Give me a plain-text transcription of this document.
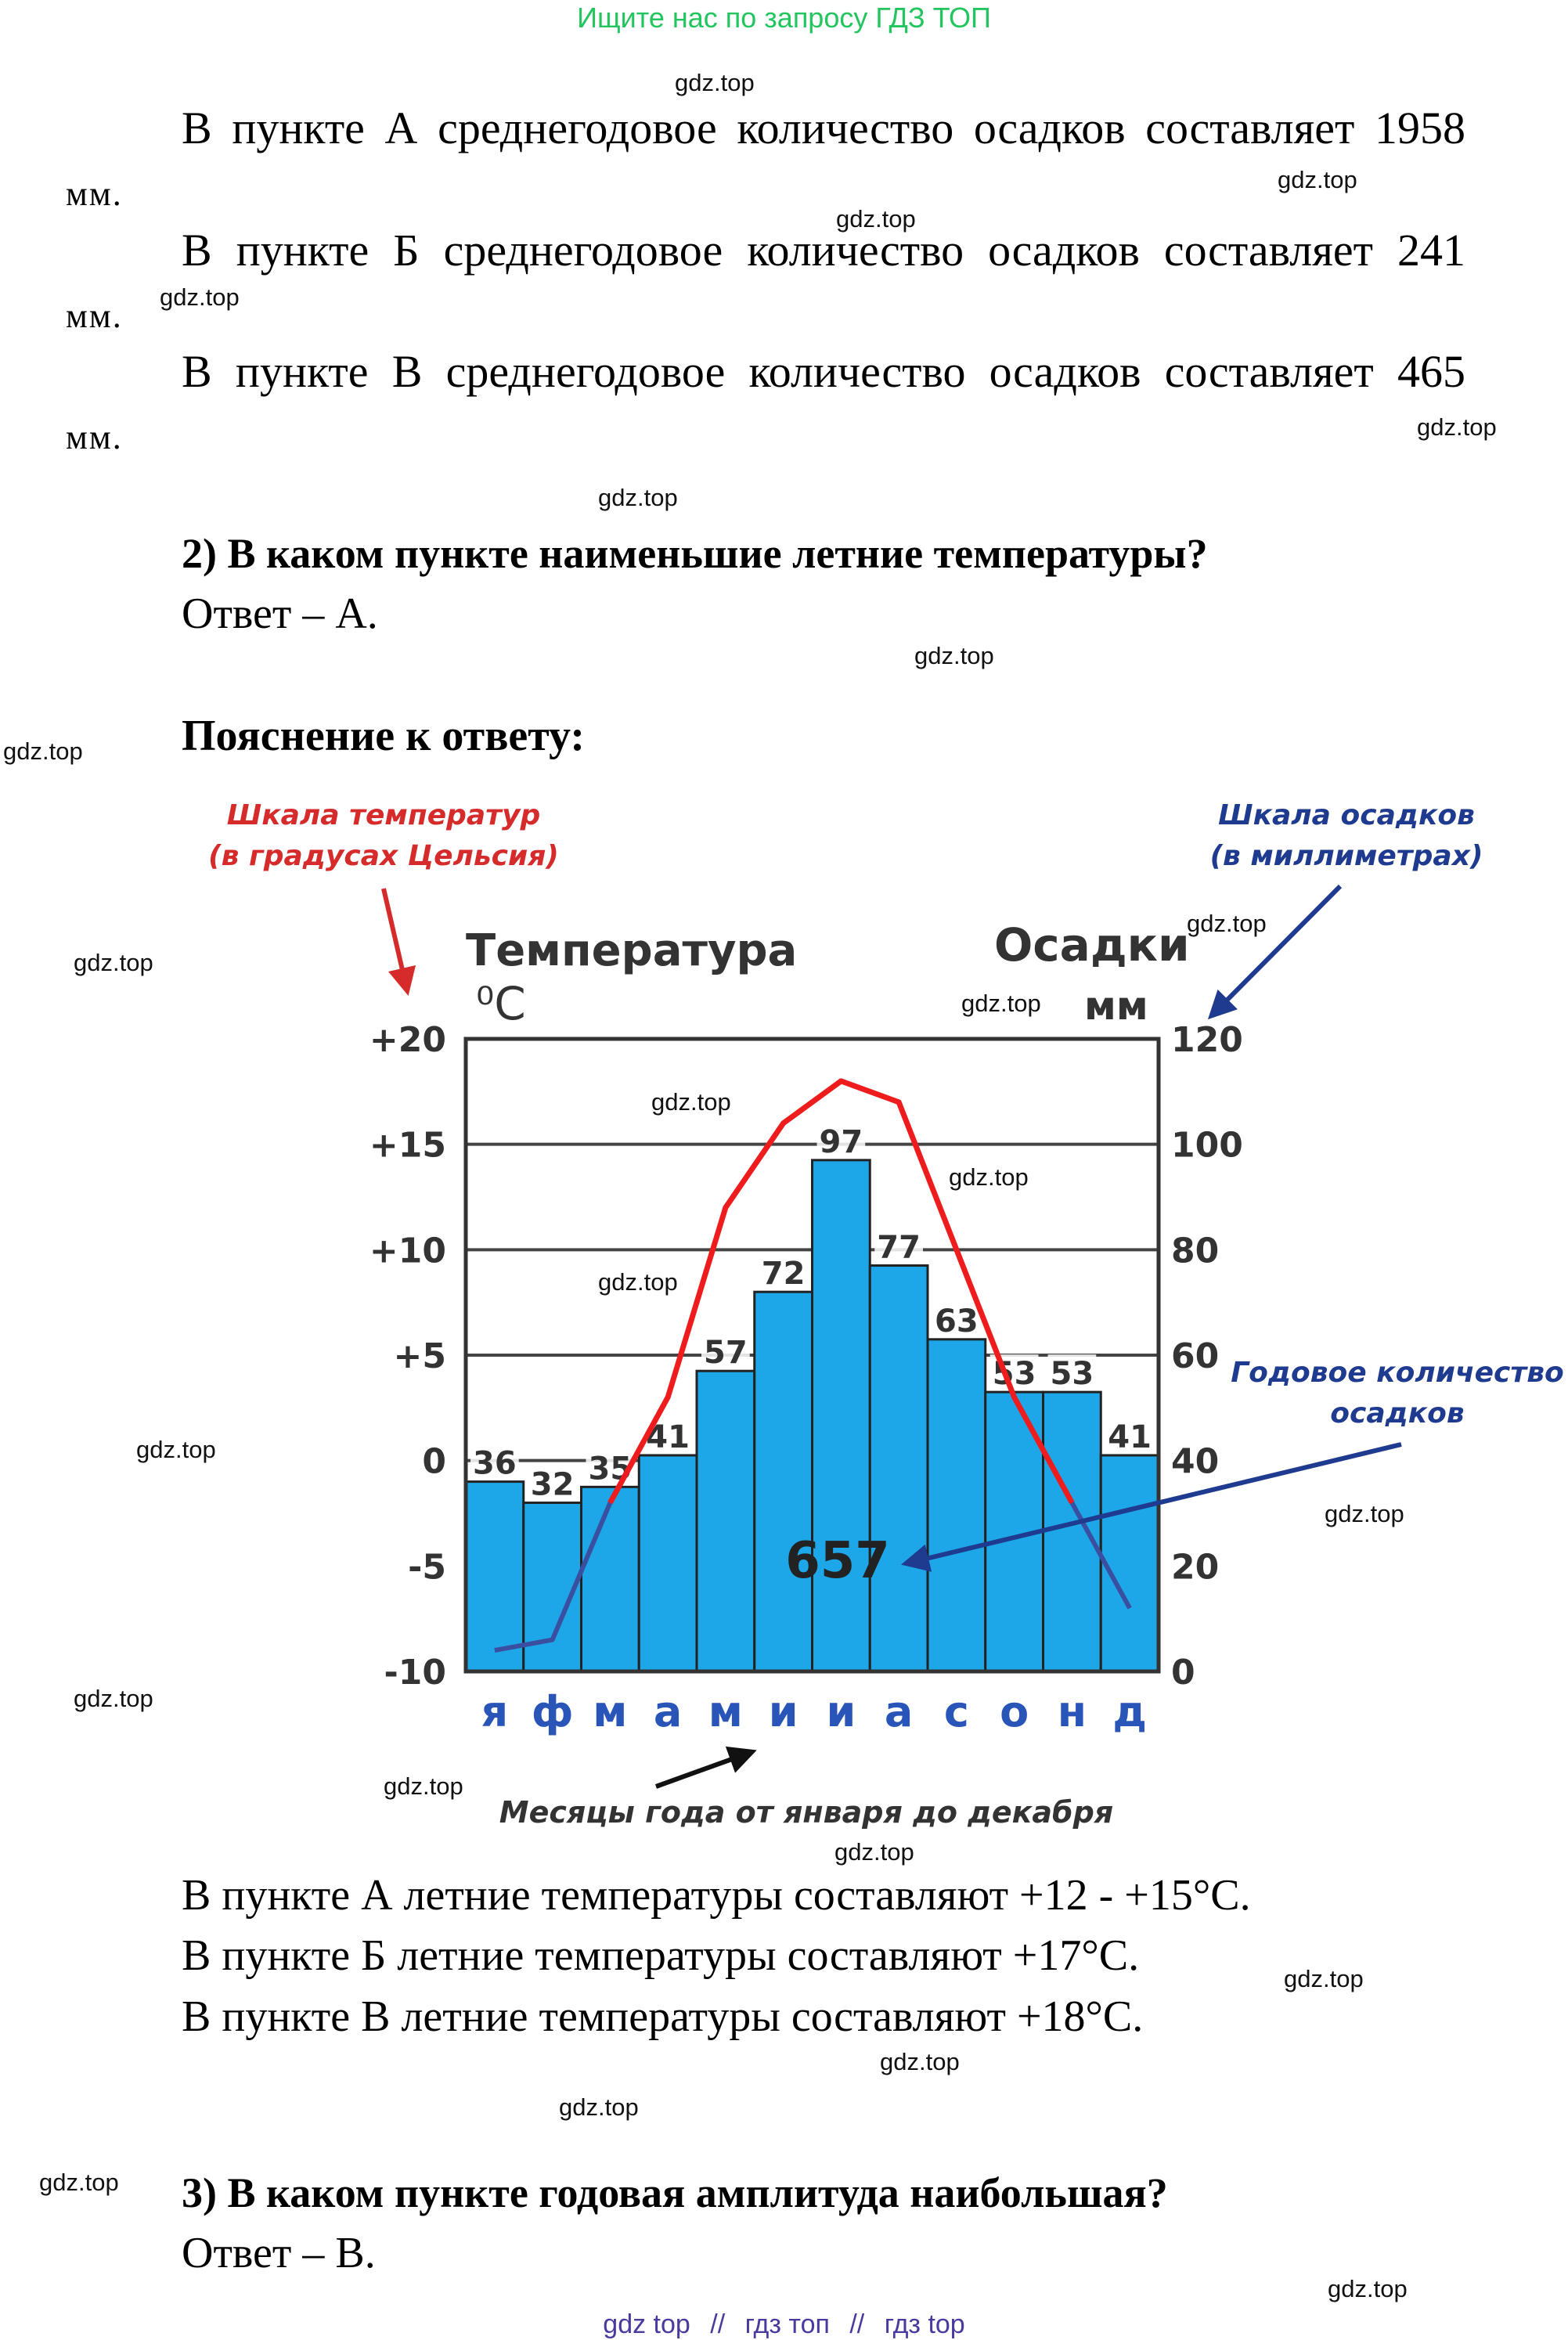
Ищите нас по запросу ГДЗ ТОП
gdz.top
gdz.top
gdz.top
gdz.top
gdz.top
gdz.top
gdz.top
gdz.top
gdz.top
gdz.top
gdz.top
gdz.top
gdz.top
gdz.top
gdz.top
gdz.top
gdz.top
gdz.top
gdz.top
gdz.top
gdz.top
gdz.top
gdz.top
gdz.top
В пункте А среднегодовое количество осадков составляет 1958
мм.
В пункте Б среднегодовое количество осадков составляет 241
мм.
В пункте В среднегодовое количество осадков составляет 465
мм.
2) В каком пункте наименьшие летние температуры?
Ответ – А.
Пояснение к ответу:
36
32 35
41
57
72
97
77
63
53 53
41
+20
+15
+10
+5
0
-5
-10
120
100
80
60
40
20
0
я ф м а м и и а с о н д
Температура
⁰С
Осадки
мм
657
Шкала температур
(в градусах Цельсия)
Шкала осадков
(в миллиметрах)
Годовое количество
осадков
Месяцы года от января до декабря
В пункте А летние температуры составляют +12 - +15°С.
В пункте Б летние температуры составляют +17°С.
В пункте В летние температуры составляют +18°С.
3) В каком пункте годовая амплитуда наибольшая?
Ответ – В.
gdz top // гдз топ // гдз top
